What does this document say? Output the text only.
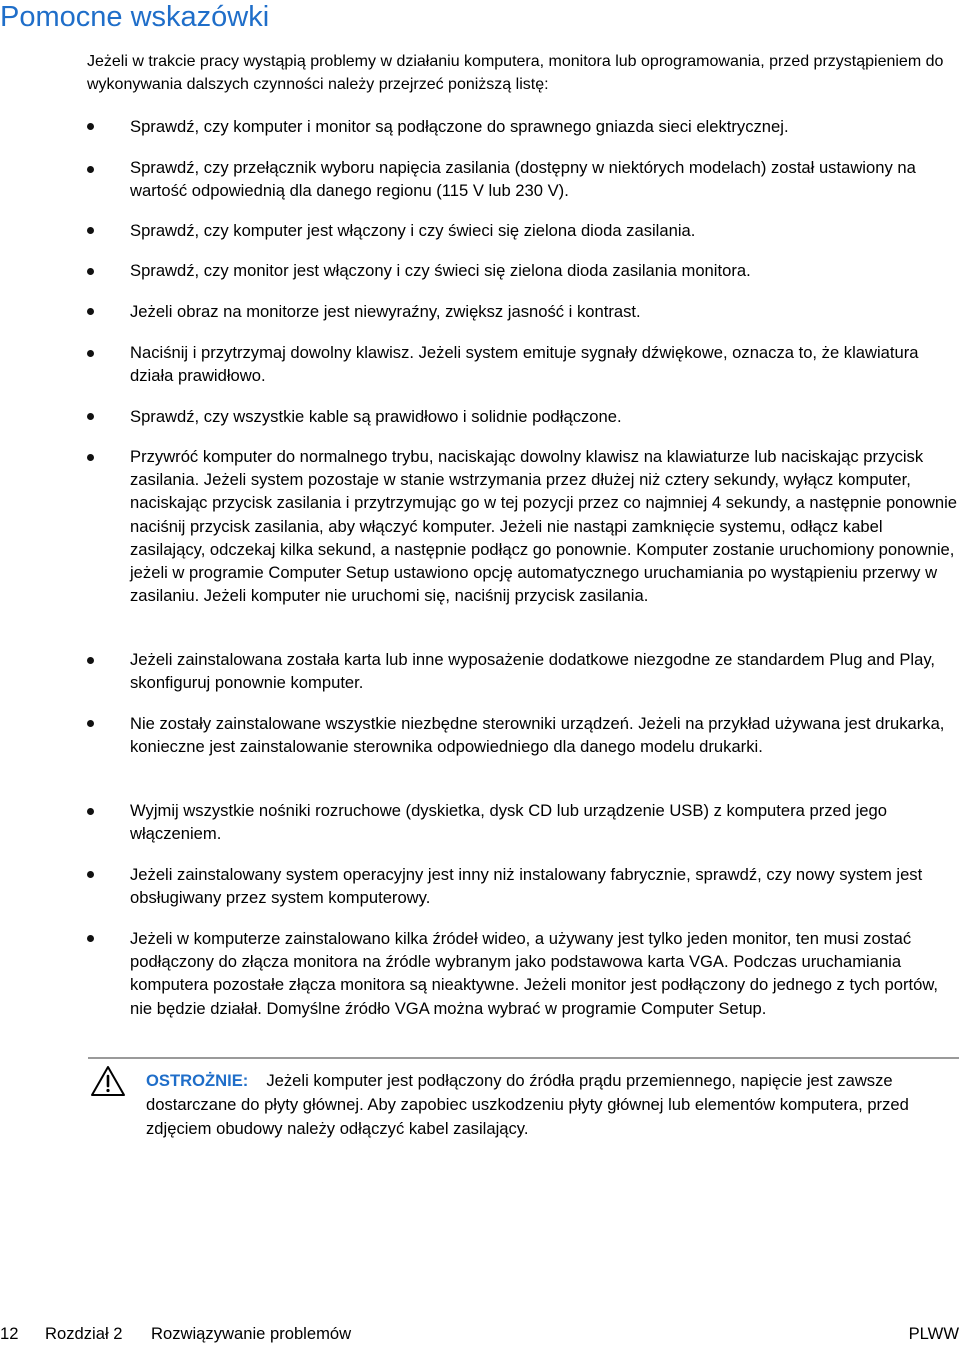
Pomocne wskazówki
Jeżeli w trakcie pracy wystąpią problemy w działaniu komputera, monitora lub oprogramowania, przed przystąpieniem do wykonywania dalszych czynności należy przejrzeć poniższą listę:
Sprawdź, czy komputer i monitor są podłączone do sprawnego gniazda sieci elektrycznej.
Sprawdź, czy przełącznik wyboru napięcia zasilania (dostępny w niektórych modelach) został ustawiony na wartość odpowiednią dla danego regionu (115 V lub 230 V).
Sprawdź, czy komputer jest włączony i czy świeci się zielona dioda zasilania.
Sprawdź, czy monitor jest włączony i czy świeci się zielona dioda zasilania monitora.
Jeżeli obraz na monitorze jest niewyraźny, zwiększ jasność i kontrast.
Naciśnij i przytrzymaj dowolny klawisz. Jeżeli system emituje sygnały dźwiękowe, oznacza to, że klawiatura działa prawidłowo.
Sprawdź, czy wszystkie kable są prawidłowo i solidnie podłączone.
Przywróć komputer do normalnego trybu, naciskając dowolny klawisz na klawiaturze lub naciskając przycisk zasilania. Jeżeli system pozostaje w stanie wstrzymania przez dłużej niż cztery sekundy, wyłącz komputer, naciskając przycisk zasilania i przytrzymując go w tej pozycji przez co najmniej 4 sekundy, a następnie ponownie naciśnij przycisk zasilania, aby włączyć komputer. Jeżeli nie nastąpi zamknięcie systemu, odłącz kabel zasilający, odczekaj kilka sekund, a następnie podłącz go ponownie. Komputer zostanie uruchomiony ponownie, jeżeli w programie Computer Setup ustawiono opcję automatycznego uruchamiania po wystąpieniu przerwy w zasilaniu. Jeżeli komputer nie uruchomi się, naciśnij przycisk zasilania.
Jeżeli zainstalowana została karta lub inne wyposażenie dodatkowe niezgodne ze standardem Plug and Play, skonfiguruj ponownie komputer.
Nie zostały zainstalowane wszystkie niezbędne sterowniki urządzeń. Jeżeli na przykład używana jest drukarka, konieczne jest zainstalowanie sterownika odpowiedniego dla danego modelu drukarki.
Wyjmij wszystkie nośniki rozruchowe (dyskietka, dysk CD lub urządzenie USB) z komputera przed jego włączeniem.
Jeżeli zainstalowany system operacyjny jest inny niż instalowany fabrycznie, sprawdź, czy nowy system jest obsługiwany przez system komputerowy.
Jeżeli w komputerze zainstalowano kilka źródeł wideo, a używany jest tylko jeden monitor, ten musi zostać podłączony do złącza monitora na źródle wybranym jako podstawowa karta VGA. Podczas uruchamiania komputera pozostałe złącza monitora są nieaktywne. Jeżeli monitor jest podłączony do jednego z tych portów, nie będzie działał. Domyślne źródło VGA można wybrać w programie Computer Setup.
OSTROŻNIE: Jeżeli komputer jest podłączony do źródła prądu przemiennego, napięcie jest zawsze dostarczane do płyty głównej. Aby zapobiec uszkodzeniu płyty głównej lub elementów komputera, przed zdjęciem obudowy należy odłączyć kabel zasilający.
12 Rozdział 2 Rozwiązywanie problemów	PLWW
